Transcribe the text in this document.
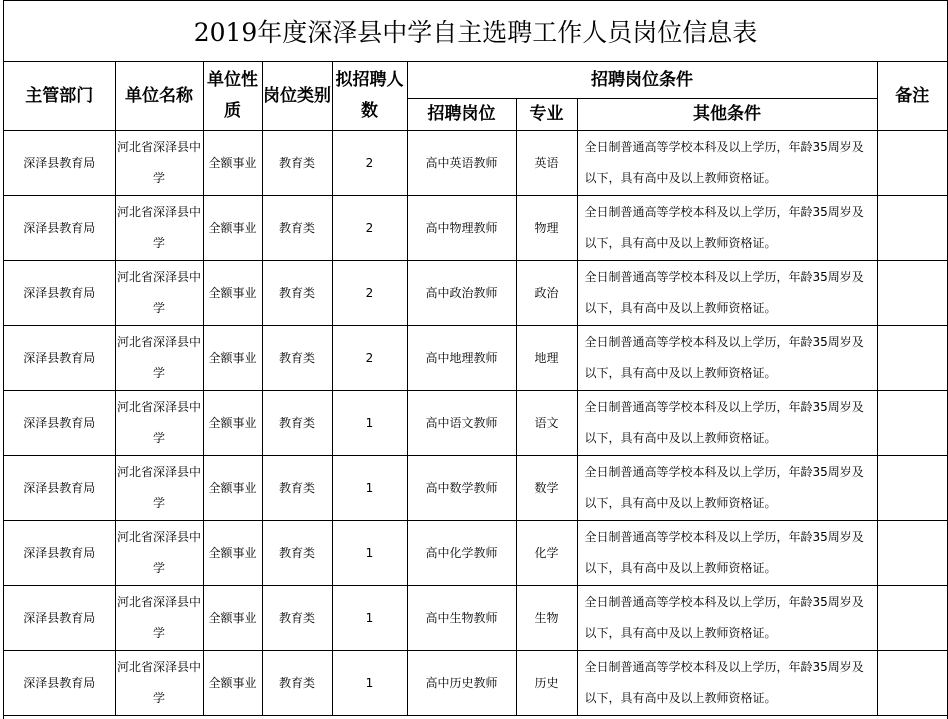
2019年度深泽县中学自主选聘工作人员岗位信息表
主管部门	单位名称	单位性质	岗位类别	拟招聘人数	招聘岗位条件			备注
					招聘岗位	专业	其他条件	
深泽县教育局	河北省深泽县中学	全额事业	教育类	2	高中英语教师	英语	全日制普通高等学校本科及以上学历，年龄35周岁及以下，具有高中及以上教师资格证。	
深泽县教育局	河北省深泽县中学	全额事业	教育类	2	高中物理教师	物理	全日制普通高等学校本科及以上学历，年龄35周岁及以下，具有高中及以上教师资格证。	
深泽县教育局	河北省深泽县中学	全额事业	教育类	2	高中政治教师	政治	全日制普通高等学校本科及以上学历，年龄35周岁及以下，具有高中及以上教师资格证。	
深泽县教育局	河北省深泽县中学	全额事业	教育类	2	高中地理教师	地理	全日制普通高等学校本科及以上学历，年龄35周岁及以下，具有高中及以上教师资格证。	
深泽县教育局	河北省深泽县中学	全额事业	教育类	1	高中语文教师	语文	全日制普通高等学校本科及以上学历，年龄35周岁及以下，具有高中及以上教师资格证。	
深泽县教育局	河北省深泽县中学	全额事业	教育类	1	高中数学教师	数学	全日制普通高等学校本科及以上学历，年龄35周岁及以下，具有高中及以上教师资格证。	
深泽县教育局	河北省深泽县中学	全额事业	教育类	1	高中化学教师	化学	全日制普通高等学校本科及以上学历，年龄35周岁及以下，具有高中及以上教师资格证。	
深泽县教育局	河北省深泽县中学	全额事业	教育类	1	高中生物教师	生物	全日制普通高等学校本科及以上学历，年龄35周岁及以下，具有高中及以上教师资格证。	
深泽县教育局	河北省深泽县中学	全额事业	教育类	1	高中历史教师	历史	全日制普通高等学校本科及以上学历，年龄35周岁及以下，具有高中及以上教师资格证。	
